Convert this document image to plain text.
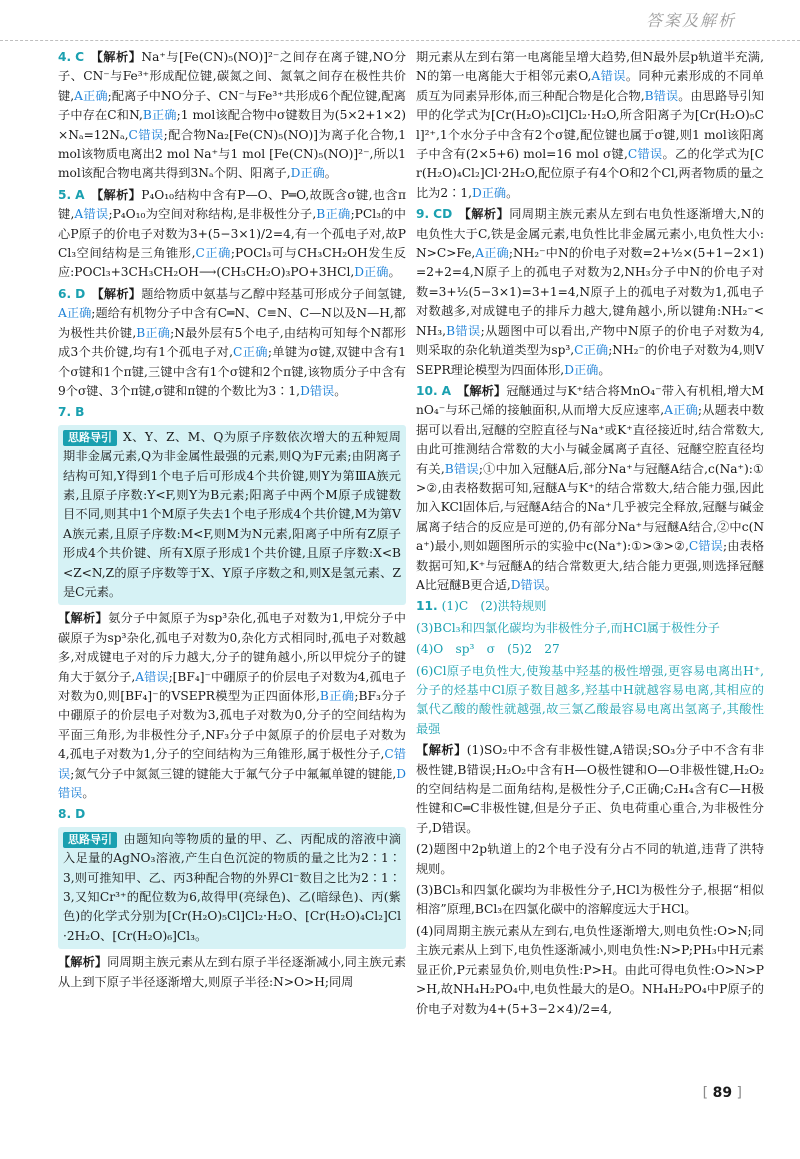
答案及解析

4. C 【解析】Na⁺与[Fe(CN)₅(NO)]²⁻之间存在离子键,NO分子、CN⁻与Fe³⁺形成配位键,碳氮之间、氮氧之间存在极性共价键,A正确;配离子中NO分子、CN⁻与Fe³⁺共形成6个配位键,配离子中存在C和N,B正确;1 mol该配合物中σ键数目为(5×2+1×2)×Nₐ=12Nₐ,C错误;配合物Na₂[Fe(CN)₅(NO)]为离子化合物,1 mol该物质电离出2 mol Na⁺与1 mol [Fe(CN)₅(NO)]²⁻,所以1 mol该配合物电离共得到3Nₐ个阴、阳离子,D正确。

5. A 【解析】P₄O₁₀结构中含有P—O、P═O,故既含σ键,也含π键,A错误;P₄O₁₀为空间对称结构,是非极性分子,B正确;PCl₃的中心P原子的价电子对数为3+(5−3×1)/2=4,有一个孤电子对,故PCl₃空间结构是三角锥形,C正确;POCl₃可与CH₃CH₂OH发生反应:POCl₃+3CH₃CH₂OH⟶(CH₃CH₂O)₃PO+3HCl,D正确。

6. D 【解析】题给物质中氨基与乙醇中羟基可形成分子间氢键,A正确;题给有机物分子中含有C═N、C≡N、C—N以及N—H,都为极性共价键,B正确;N最外层有5个电子,由结构可知每个N都形成3个共价键,均有1个孤电子对,C正确;单键为σ键,双键中含有1个σ键和1个π键,三键中含有1个σ键和2个π键,该物质分子中含有9个σ键、3个π键,σ键和π键的个数比为3∶1,D错误。

7. B

思路导引 X、Y、Z、M、Q为原子序数依次增大的五种短周期非金属元素,Q为非金属性最强的元素,则Q为F元素;由阴离子结构可知,Y得到1个电子后可形成4个共价键,则Y为第ⅢA族元素,且原子序数:Y<F,则Y为B元素;阳离子中两个M原子成键数目不同,则其中1个M原子失去1个电子形成4个共价键,M为第ⅤA族元素,且原子序数:M<F,则M为N元素,阳离子中所有Z原子形成4个共价键、所有X原子形成1个共价键,且原子序数:X<B<Z<N,Z的原子序数等于X、Y原子序数之和,则X是氢元素、Z是C元素。

【解析】氨分子中氮原子为sp³杂化,孤电子对数为1,甲烷分子中碳原子为sp³杂化,孤电子对数为0,杂化方式相同时,孤电子对数越多,对成键电子对的斥力越大,分子的键角越小,所以甲烷分子的键角大于氨分子,A错误;[BF₄]⁻中硼原子的价层电子对数为4,孤电子对数为0,则[BF₄]⁻的VSEPR模型为正四面体形,B正确;BF₃分子中硼原子的价层电子对数为3,孤电子对数为0,分子的空间结构为平面三角形,为非极性分子,NF₃分子中氮原子的价层电子对数为4,孤电子对数为1,分子的空间结构为三角锥形,属于极性分子,C错误;氮气分子中氮氮三键的键能大于氟气分子中氟氟单键的键能,D错误。

8. D

思路导引 由题知向等物质的量的甲、乙、丙配成的溶液中滴入足量的AgNO₃溶液,产生白色沉淀的物质的量之比为2∶1∶3,则可推知甲、乙、丙3种配合物的外界Cl⁻数目之比为2∶1∶3,又知Cr³⁺的配位数为6,故得甲(亮绿色)、乙(暗绿色)、丙(紫色)的化学式分别为[Cr(H₂O)₅Cl]Cl₂·H₂O、[Cr(H₂O)₄Cl₂]Cl·2H₂O、[Cr(H₂O)₆]Cl₃。

【解析】同周期主族元素从左到右原子半径逐渐减小,同主族元素从上到下原子半径逐渐增大,则原子半径:N>O>H;同周

期元素从左到右第一电离能呈增大趋势,但N最外层p轨道半充满,N的第一电离能大于相邻元素O,A错误。同种元素形成的不同单质互为同素异形体,而三种配合物是化合物,B错误。由思路导引知甲的化学式为[Cr(H₂O)₅Cl]Cl₂·H₂O,所含阳离子为[Cr(H₂O)₅Cl]²⁺,1个水分子中含有2个σ键,配位键也属于σ键,则1 mol该阳离子中含有(2×5+6) mol=16 mol σ键,C错误。乙的化学式为[Cr(H₂O)₄Cl₂]Cl·2H₂O,配位原子有4个O和2个Cl,两者物质的量之比为2∶1,D正确。

9. CD 【解析】同周期主族元素从左到右电负性逐渐增大,N的电负性大于C,铁是金属元素,电负性比非金属元素小,电负性大小:N>C>Fe,A正确;NH₂⁻中N的价电子对数=2+½×(5+1−2×1)=2+2=4,N原子上的孤电子对数为2,NH₃分子中N的价电子对数=3+½(5−3×1)=3+1=4,N原子上的孤电子对数为1,孤电子对数越多,对成键电子的排斥力越大,键角越小,所以键角:NH₂⁻<NH₃,B错误;从题图中可以看出,产物中N原子的价电子对数为4,则采取的杂化轨道类型为sp³,C正确;NH₂⁻的价电子对数为4,则VSEPR理论模型为四面体形,D正确。

10. A 【解析】冠醚通过与K⁺结合将MnO₄⁻带入有机相,增大MnO₄⁻与环己烯的接触面积,从而增大反应速率,A正确;从题表中数据可以看出,冠醚的空腔直径与Na⁺或K⁺直径接近时,结合常数大,由此可推测结合常数的大小与碱金属离子直径、冠醚空腔直径均有关,B错误;①中加入冠醚A后,部分Na⁺与冠醚A结合,c(Na⁺):①>②,由表格数据可知,冠醚A与K⁺的结合常数大,结合能力强,因此加入KCl固体后,与冠醚A结合的Na⁺几乎被完全释放,冠醚与碱金属离子结合的反应是可逆的,仍有部分Na⁺与冠醚A结合,②中c(Na⁺)最小,则如题图所示的实验中c(Na⁺):①>③>②,C错误;由表格数据可知,K⁺与冠醚A的结合常数更大,结合能力更强,则选择冠醚A比冠醚B更合适,D错误。

11. (1)C　(2)洪特规则

(3)BCl₃和四氯化碳均为非极性分子,而HCl属于极性分子

(4)O　sp³　σ　(5)2　27

(6)Cl原子电负性大,使羧基中羟基的极性增强,更容易电离出H⁺,分子的烃基中Cl原子数目越多,羟基中H就越容易电离,其相应的氯代乙酸的酸性就越强,故三氯乙酸最容易电离出氢离子,其酸性最强

【解析】(1)SO₂中不含有非极性键,A错误;SO₃分子中不含有非极性键,B错误;H₂O₂中含有H—O极性键和O—O非极性键,H₂O₂的空间结构是二面角结构,是极性分子,C正确;C₂H₄含有C—H极性键和C═C非极性键,但是分子正、负电荷重心重合,为非极性分子,D错误。

(2)题图中2p轨道上的2个电子没有分占不同的轨道,违背了洪特规则。

(3)BCl₃和四氯化碳均为非极性分子,HCl为极性分子,根据“相似相溶”原理,BCl₃在四氯化碳中的溶解度远大于HCl。

(4)同周期主族元素从左到右,电负性逐渐增大,则电负性:O>N;同主族元素从上到下,电负性逐渐减小,则电负性:N>P;PH₃中H元素显正价,P元素显负价,则电负性:P>H。由此可得电负性:O>N>P>H,故NH₄H₂PO₄中,电负性最大的是O。NH₄H₂PO₄中P原子的价电子对数为4+(5+3−2×4)/2=4,

[ 89 ]
